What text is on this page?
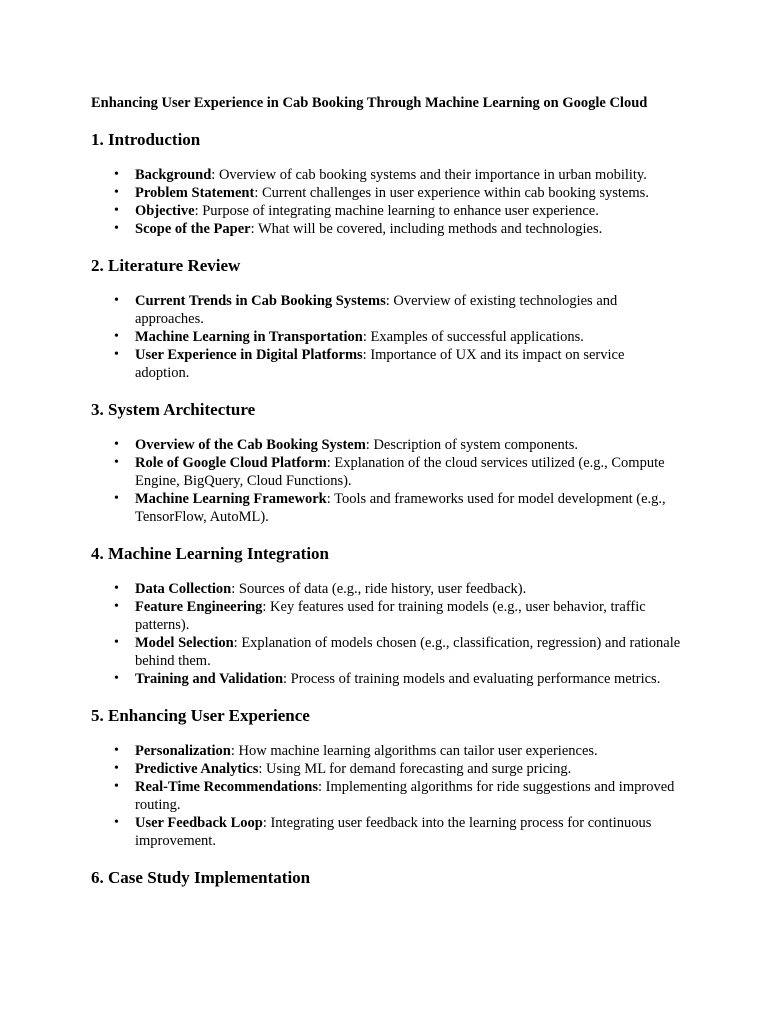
Enhancing User Experience in Cab Booking Through Machine Learning on Google Cloud
1. Introduction
• Background: Overview of cab booking systems and their importance in urban mobility.
• Problem Statement: Current challenges in user experience within cab booking systems.
• Objective: Purpose of integrating machine learning to enhance user experience.
• Scope of the Paper: What will be covered, including methods and technologies.
2. Literature Review
• Current Trends in Cab Booking Systems: Overview of existing technologies and approaches.
• Machine Learning in Transportation: Examples of successful applications.
• User Experience in Digital Platforms: Importance of UX and its impact on service adoption.
3. System Architecture
• Overview of the Cab Booking System: Description of system components.
• Role of Google Cloud Platform: Explanation of the cloud services utilized (e.g., Compute Engine, BigQuery, Cloud Functions).
• Machine Learning Framework: Tools and frameworks used for model development (e.g., TensorFlow, AutoML).
4. Machine Learning Integration
• Data Collection: Sources of data (e.g., ride history, user feedback).
• Feature Engineering: Key features used for training models (e.g., user behavior, traffic patterns).
• Model Selection: Explanation of models chosen (e.g., classification, regression) and rationale behind them.
• Training and Validation: Process of training models and evaluating performance metrics.
5. Enhancing User Experience
• Personalization: How machine learning algorithms can tailor user experiences.
• Predictive Analytics: Using ML for demand forecasting and surge pricing.
• Real-Time Recommendations: Implementing algorithms for ride suggestions and improved routing.
• User Feedback Loop: Integrating user feedback into the learning process for continuous improvement.
6. Case Study Implementation
